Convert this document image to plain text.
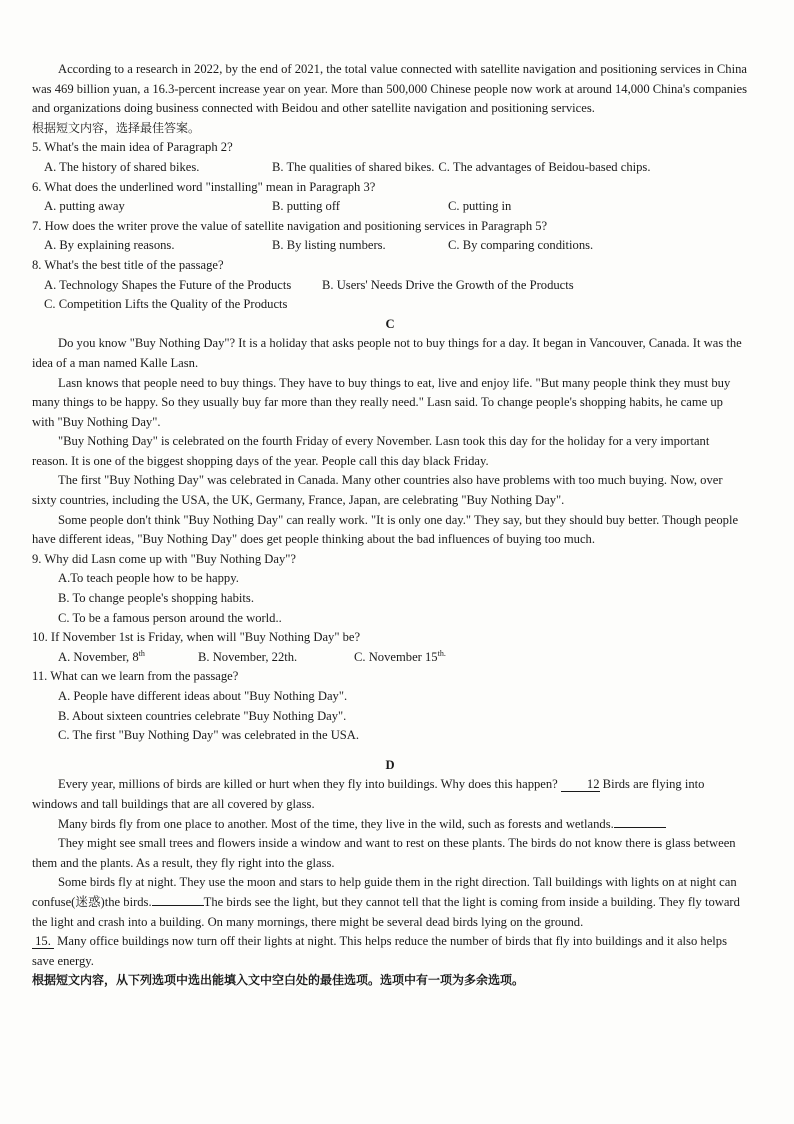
According to a research in 2022, by the end of 2021, the total value connected with satellite navigation and positioning services in China was 469 billion yuan, a 16.3-percent increase year on year. More than 500,000 Chinese people now work at around 14,000 China's companies and organizations doing business connected with Beidou and other satellite navigation and positioning services.

根据短文内容，选择最佳答案。

5. What's the main idea of Paragraph 2?

A. The history of shared bikes.	B. The qualities of shared bikes. C. The advantages of Beidou-based chips.

6. What does the underlined word "installing" mean in Paragraph 3?

A. putting away	B. putting off	C. putting in

7. How does the writer prove the value of satellite navigation and positioning services in Paragraph 5?

A. By explaining reasons.	B. By listing numbers.	C. By comparing conditions.

8. What's the best title of the passage?

A. Technology Shapes the Future of the Products	B. Users' Needs Drive the Growth of the Products

C. Competition Lifts the Quality of the Products

C

Do you know "Buy Nothing Day"? It is a holiday that asks people not to buy things for a day. It began in Vancouver, Canada. It was the idea of a man named Kalle Lasn.

Lasn knows that people need to buy things. They have to buy things to eat, live and enjoy life. "But many people think they must buy many things to be happy. So they usually buy far more than they really need." Lasn said. To change people's shopping habits, he came up with "Buy Nothing Day".

"Buy Nothing Day" is celebrated on the fourth Friday of every November. Lasn took this day for the holiday for a very important reason. It is one of the biggest shopping days of the year. People call this day black Friday.

The first "Buy Nothing Day" was celebrated in Canada. Many other countries also have problems with too much buying. Now, over sixty countries, including the USA, the UK, Germany, France, Japan, are celebrating "Buy Nothing Day".

Some people don't think "Buy Nothing Day" can really work. "It is only one day." They say, but they should buy better. Though people have different ideas, "Buy Nothing Day" does get people thinking about the bad influences of buying too much.

9. Why did Lasn come up with "Buy Nothing Day"?

A.To teach people how to be happy.

B. To change people's shopping habits.

C. To be a famous person around the world..

10. If November 1st is Friday, when will "Buy Nothing Day" be?

A. November, 8th	B. November, 22th.	C. November $15^{th.}$

11. What can we learn from the passage?

A. People have different ideas about "Buy Nothing Day".

B. About sixteen countries celebrate "Buy Nothing Day".

C. The first "Buy Nothing Day" was celebrated in the USA.

D

Every year, millions of birds are killed or hurt when they fly into buildings. Why does this happen? 12 Birds are flying into windows and tall buildings that are all covered by glass.

Many birds fly from one place to another. Most of the time, they live in the wild, such as forests and wetlands.

They might see small trees and flowers inside a window and want to rest on these plants. The birds do not know there is glass between them and the plants. As a result, they fly right into the glass.

Some birds fly at night. They use the moon and stars to help guide them in the right direction. Tall buildings with lights on at night can confuse(迷惑)the birds.	The birds see the light, but they cannot tell that the light is coming from inside a building. They fly toward the light and crash into a building. On many mornings, there might be several dead birds lying on the ground.

15. Many office buildings now turn off their lights at night. This helps reduce the number of birds that fly into buildings and it also helps save energy.

根据短文内容，从下列选项中选出能填入文中空白处的最佳选项。选项中有一项为多余选项。
